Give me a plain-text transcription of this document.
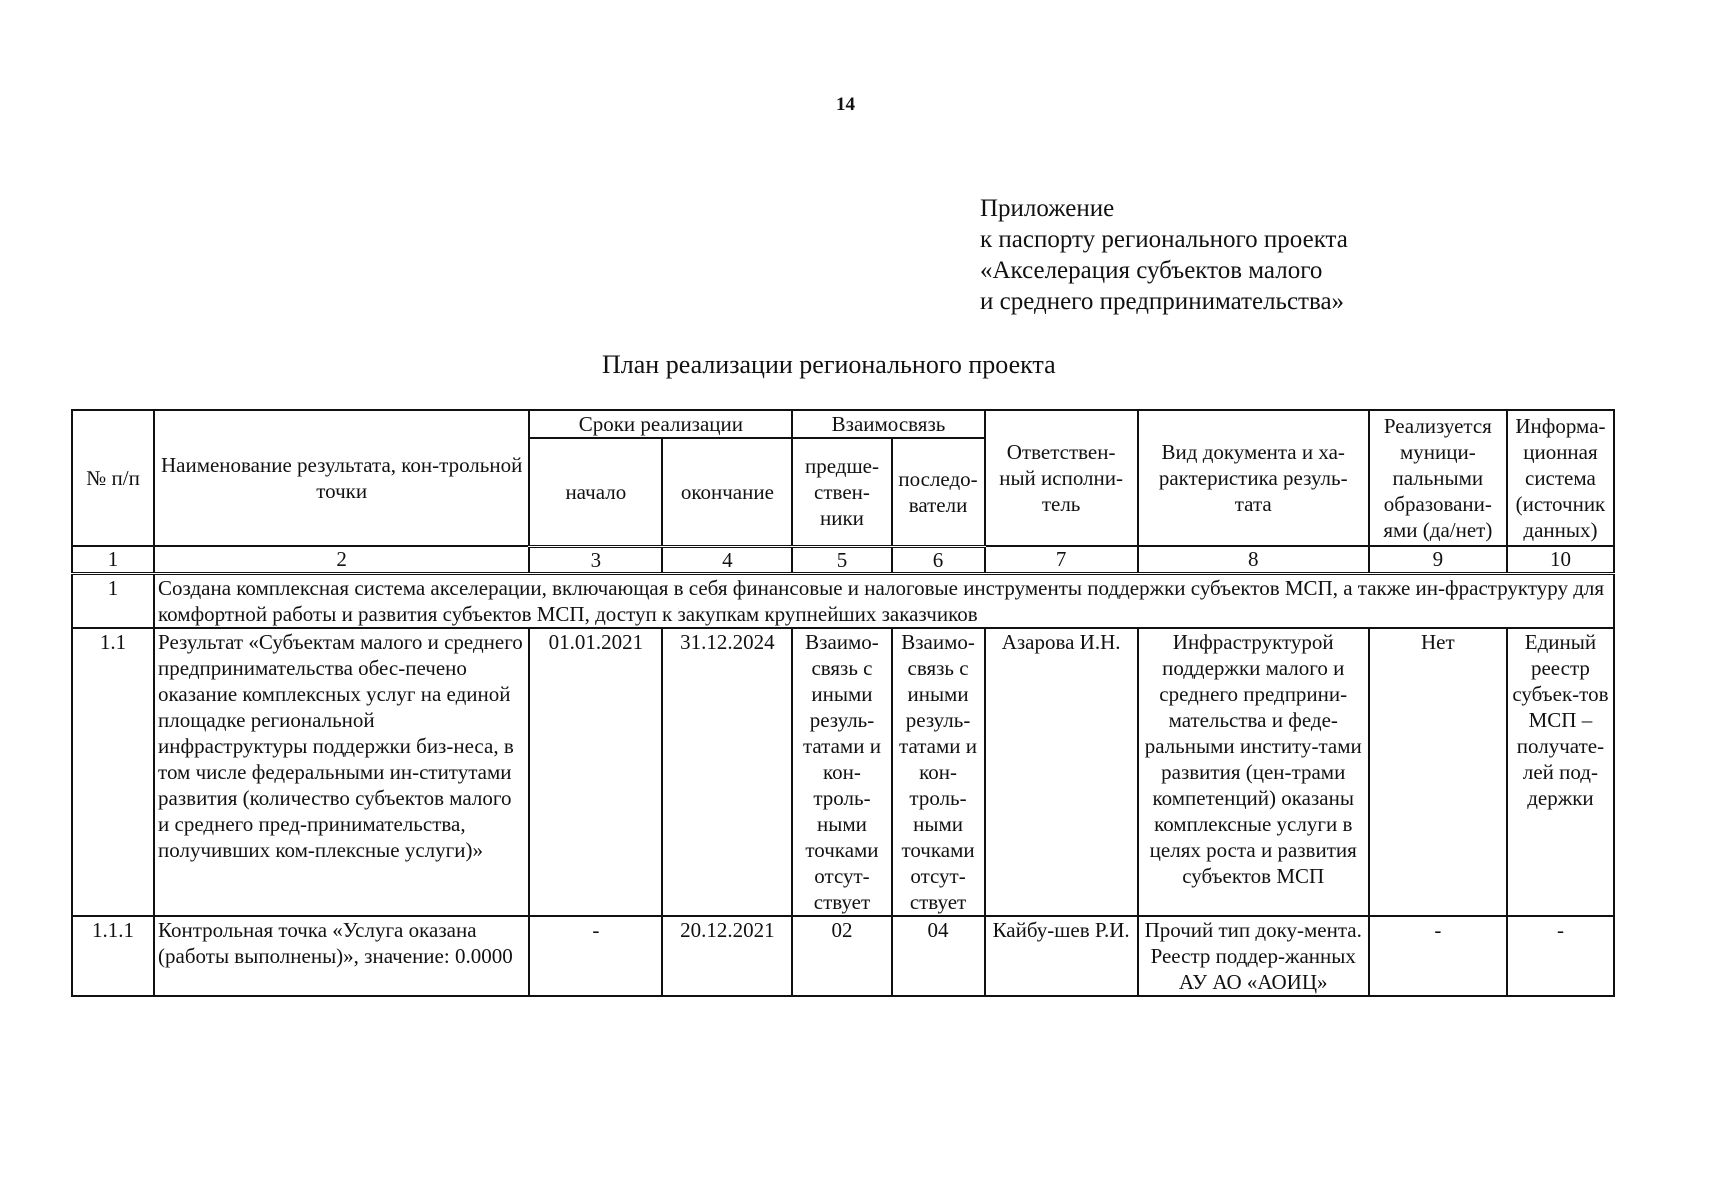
14
Приложение
к паспорту регионального проекта
«Акселерация субъектов малого
и среднего предпринимательства»
План реализации регионального проекта
№ п/п	Наименование результата, кон-трольной точки	Сроки реализации		Взаимосвязь		Ответствен-ный исполни-тель	Вид документа и ха-рактеристика резуль-тата	Реализуется муници-пальными образовани-ями (да/нет)	Информа-ционная система (источник данных)
		начало	окончание	предше-ствен-ники	последо-ватели				
1	2	3	4	5	6	7	8	9	10
1	Создана комплексная система акселерации, включающая в себя финансовые и налоговые инструменты поддержки субъектов МСП, а также ин-фраструктуру для комфортной работы и развития субъектов МСП, доступ к закупкам крупнейших заказчиков								
1.1	Результат «Субъектам малого и среднего предпринимательства обес-печено оказание комплексных услуг на единой площадке региональной инфраструктуры поддержки биз-неса, в том числе федеральными ин-ститутами развития (количество субъектов малого и среднего пред-принимательства, получивших ком-плексные услуги)»	01.01.2021	31.12.2024	Взаимо-связь с иными резуль-татами и кон-троль-ными точками отсут-ствует	Взаимо-связь с иными резуль-татами и кон-троль-ными точками отсут-ствует	Азарова И.Н.	Инфраструктурой поддержки малого и среднего предприни-мательства и феде-ральными институ-тами развития (цен-трами компетенций) оказаны комплексные услуги в целях роста и развития субъектов МСП	Нет	Единый реестр субъек-тов МСП – получате-лей под-держки
1.1.1	Контрольная точка «Услуга оказана (работы выполнены)», значение: 0.0000	-	20.12.2021	02	04	Кайбу-шев Р.И.	Прочий тип доку-мента. Реестр поддер-жанных АУ АО «АОИЦ»	-	-
